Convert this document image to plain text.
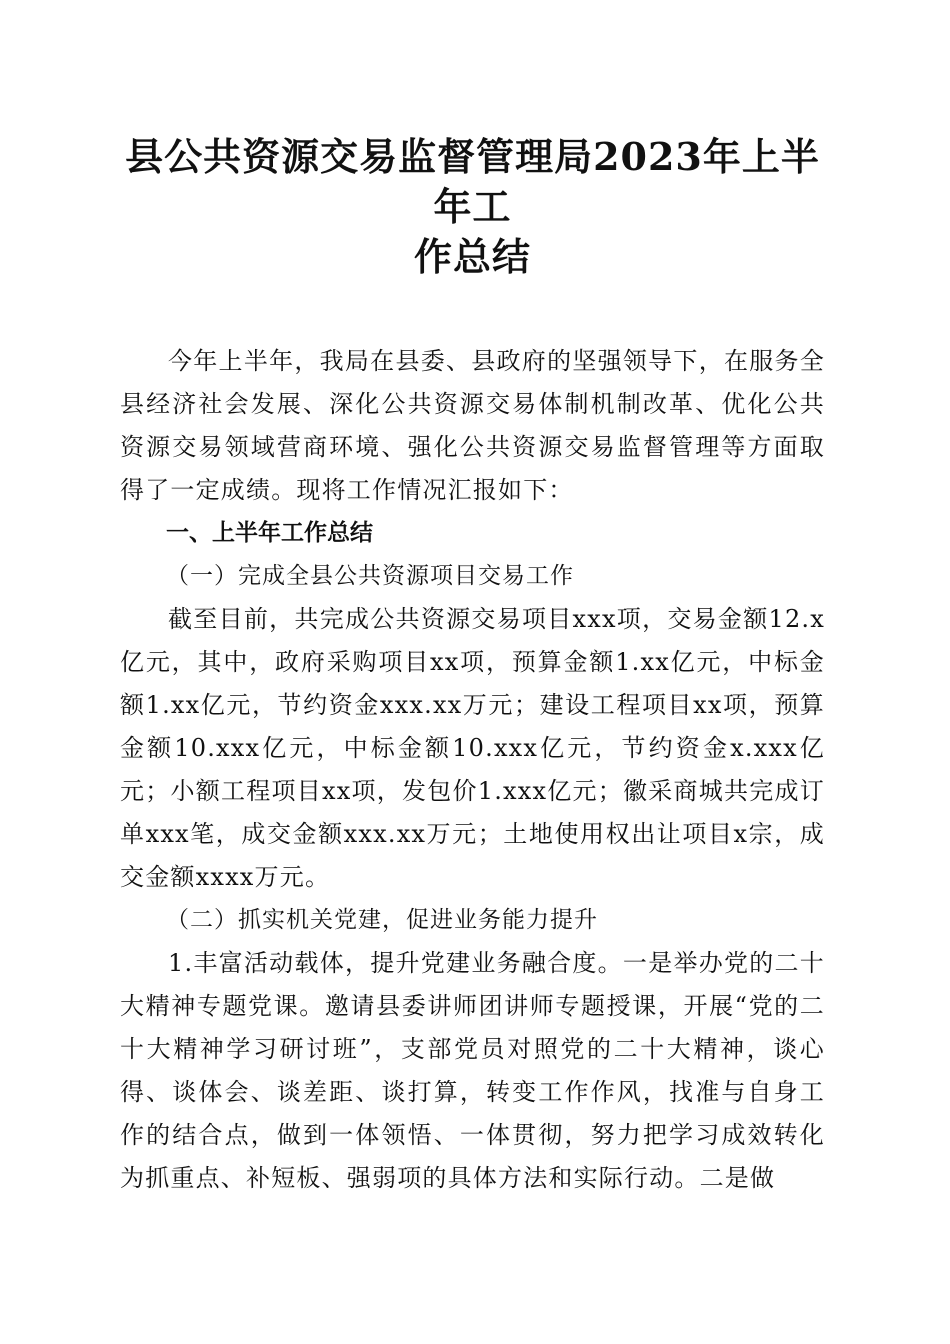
县公共资源交易监督管理局2023年上半年工
作总结

今年上半年，我局在县委、县政府的坚强领导下，在服务全县经济社会发展、深化公共资源交易体制机制改革、优化公共资源交易领域营商环境、强化公共资源交易监督管理等方面取得了一定成绩。现将工作情况汇报如下：

一、上半年工作总结

（一）完成全县公共资源项目交易工作

截至目前，共完成公共资源交易项目xxx项，交易金额12.x亿元，其中，政府采购项目xx项，预算金额1.xx亿元，中标金额1.xx亿元，节约资金xxx.xx万元；建设工程项目xx项，预算金额10.xxx亿元，中标金额10.xxx亿元，节约资金x.xxx亿元；小额工程项目xx项，发包价1.xxx亿元；徽采商城共完成订单xxx笔，成交金额xxx.xx万元；土地使用权出让项目x宗，成交金额xxxx万元。

（二）抓实机关党建，促进业务能力提升

1.丰富活动载体，提升党建业务融合度。一是举办党的二十大精神专题党课。邀请县委讲师团讲师专题授课，开展“党的二十大精神学习研讨班”，支部党员对照党的二十大精神，谈心得、谈体会、谈差距、谈打算，转变工作作风，找准与自身工作的结合点，做到一体领悟、一体贯彻，努力把学习成效转化为抓重点、补短板、强弱项的具体方法和实际行动。二是做
